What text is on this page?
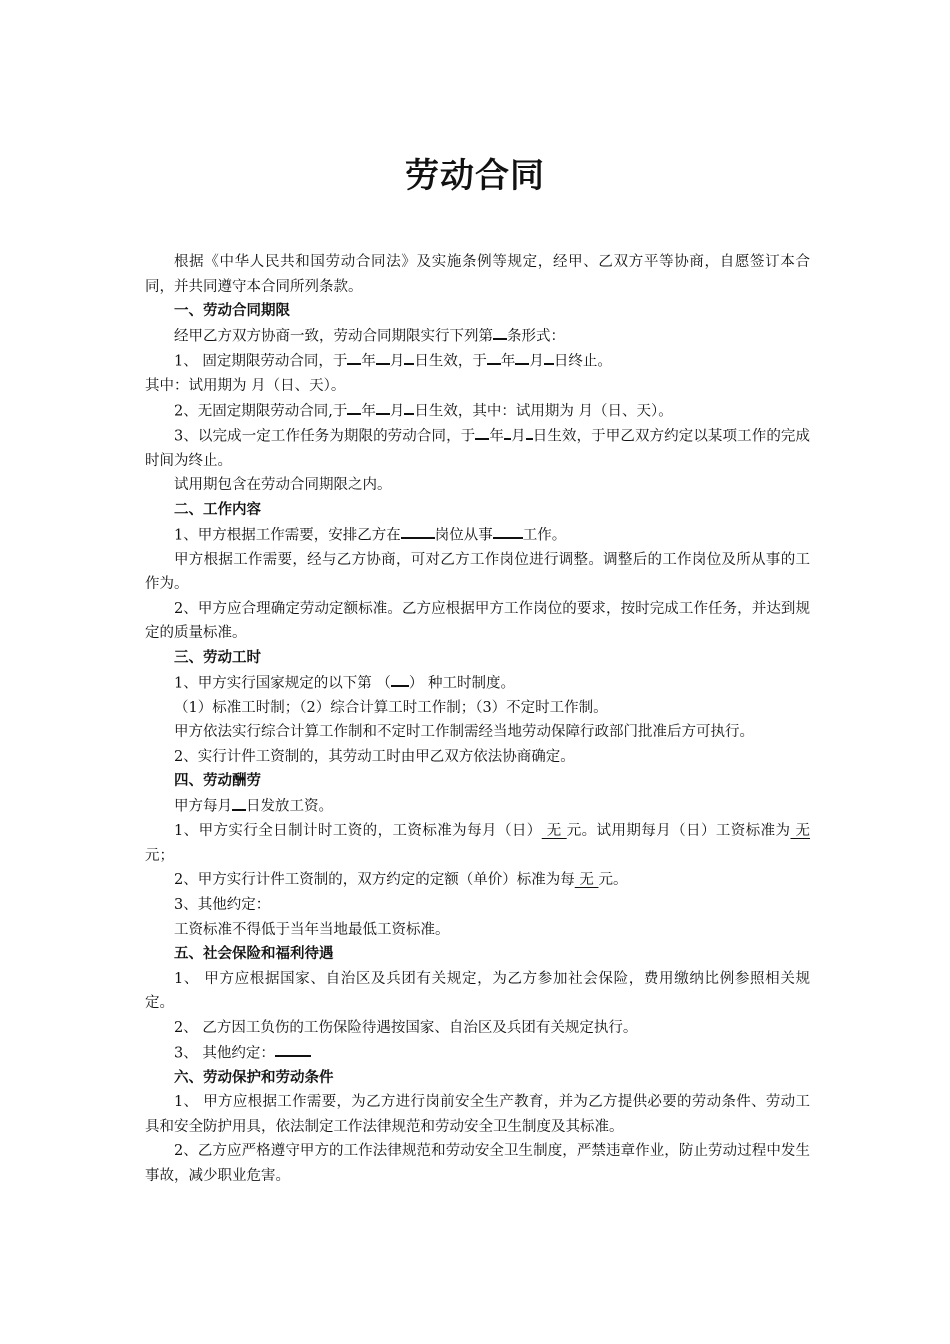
劳动合同

根据《中华人民共和国劳动合同法》及实施条例等规定，经甲、乙双方平等协商，自愿签订本合同，并共同遵守本合同所列条款。

一、劳动合同期限

经甲乙方双方协商一致，劳动合同期限实行下列第 条形式：

1、 固定期限劳动合同，于 年 月 日生效，于 年 月 日终止。

其中：试用期为 月（日、天）。

2、无固定期限劳动合同,于 年 月 日生效，其中：试用期为 月（日、天）。

3、以完成一定工作任务为期限的劳动合同，于 年 月 日生效，于甲乙双方约定以某项工作的完成时间为终止。

试用期包含在劳动合同期限之内。

二、工作内容

1、甲方根据工作需要，安排乙方在 岗位从事 工作。

甲方根据工作需要，经与乙方协商，可对乙方工作岗位进行调整。调整后的工作岗位及所从事的工作为。

2、甲方应合理确定劳动定额标准。乙方应根据甲方工作岗位的要求，按时完成工作任务，并达到规定的质量标准。

三、劳动工时

1、甲方实行国家规定的以下第 （ ） 种工时制度。

（1）标准工时制；（2）综合计算工时工作制；（3）不定时工作制。

甲方依法实行综合计算工作制和不定时工作制需经当地劳动保障行政部门批准后方可执行。

2、实行计件工资制的，其劳动工时由甲乙双方依法协商确定。

四、劳动酬劳

甲方每月 日发放工资。

1、甲方实行全日制计时工资的，工资标准为每月（日） 无 元。试用期每月（日）工资标准为 无 元；

2、甲方实行计件工资制的，双方约定的定额（单价）标准为每 无 元。

3、其他约定：

工资标准不得低于当年当地最低工资标准。

五、社会保险和福利待遇

1、 甲方应根据国家、自治区及兵团有关规定，为乙方参加社会保险，费用缴纳比例参照相关规定。

2、 乙方因工负伤的工伤保险待遇按国家、自治区及兵团有关规定执行。

3、 其他约定：

六、劳动保护和劳动条件

1、 甲方应根据工作需要，为乙方进行岗前安全生产教育，并为乙方提供必要的劳动条件、劳动工具和安全防护用具，依法制定工作法律规范和劳动安全卫生制度及其标准。

2、乙方应严格遵守甲方的工作法律规范和劳动安全卫生制度，严禁违章作业，防止劳动过程中发生事故，减少职业危害。
